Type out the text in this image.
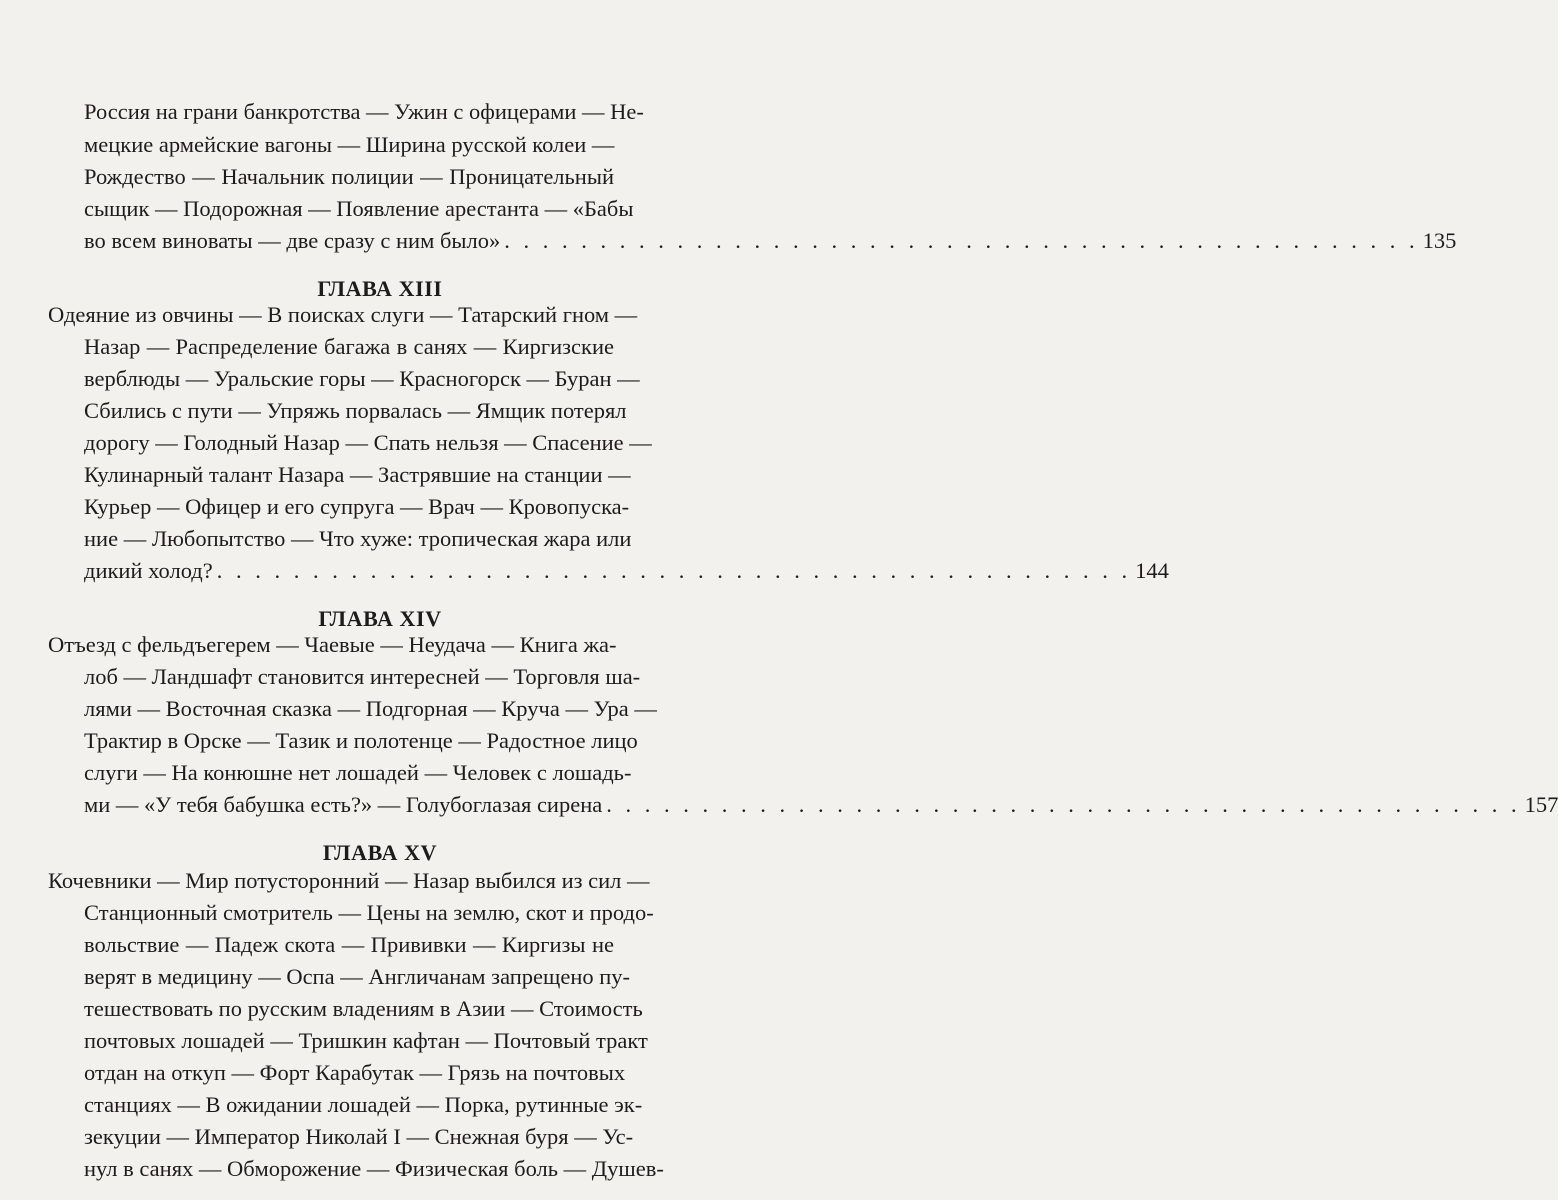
Россия на грани банкротства — Ужин с офицерами — Не-
мецкие армейские вагоны — Ширина русской колеи —
Рождество — Начальник полиции — Проницательный
сыщик — Подорожная — Появление арестанта — «Бабы
во всем виноваты — две сразу с ним было» . . . . . . . . . . . . . . . . . . . . . . . . . . . . . . . . . . . . . . . . . . . . . . . . 135
ГЛАВА XIII
Одеяние из овчины — В поисках слуги — Татарский гном —
Назар — Распределение багажа в санях — Киргизские
верблюды — Уральские горы — Красногорск — Буран —
Сбились с пути — Упряжь порвалась — Ямщик потерял
дорогу — Голодный Назар — Спать нельзя — Спасение —
Кулинарный талант Назара — Застрявшие на станции —
Курьер — Офицер и его супруга — Врач — Кровопуска-
ние — Любопытство — Что хуже: тропическая жара или
дикий холод? . . . . . . . . . . . . . . . . . . . . . . . . . . . . . . . . . . . . . . . . . . . . . . . . 144
ГЛАВА XIV
Отъезд с фельдъегерем — Чаевые — Неудача — Книга жа-
лоб — Ландшафт становится интересней — Торговля ша-
лями — Восточная сказка — Подгорная — Круча — Ура —
Трактир в Орске — Тазик и полотенце — Радостное лицо
слуги — На конюшне нет лошадей — Человек с лошадь-
ми — «У тебя бабушка есть?» — Голубоглазая сирена . . . . . . . . . . . . . . . . . . . . . . . . . . . . . . . . . . . . . . . . . . . . . . . . 157
ГЛАВА XV
Кочевники — Мир потусторонний — Назар выбился из сил —
Станционный смотритель — Цены на землю, скот и продо-
вольствие — Падеж скота — Прививки — Киргизы не
верят в медицину — Оспа — Англичанам запрещено пу-
тешествовать по русским владениям в Азии — Стоимость
почтовых лошадей — Тришкин кафтан — Почтовый тракт
отдан на откуп — Форт Карабутак — Грязь на почтовых
станциях — В ожидании лошадей — Порка, рутинные эк-
зекуции — Император Николай I — Снежная буря — Ус-
нул в санях — Обморожение — Физическая боль — Душев-
